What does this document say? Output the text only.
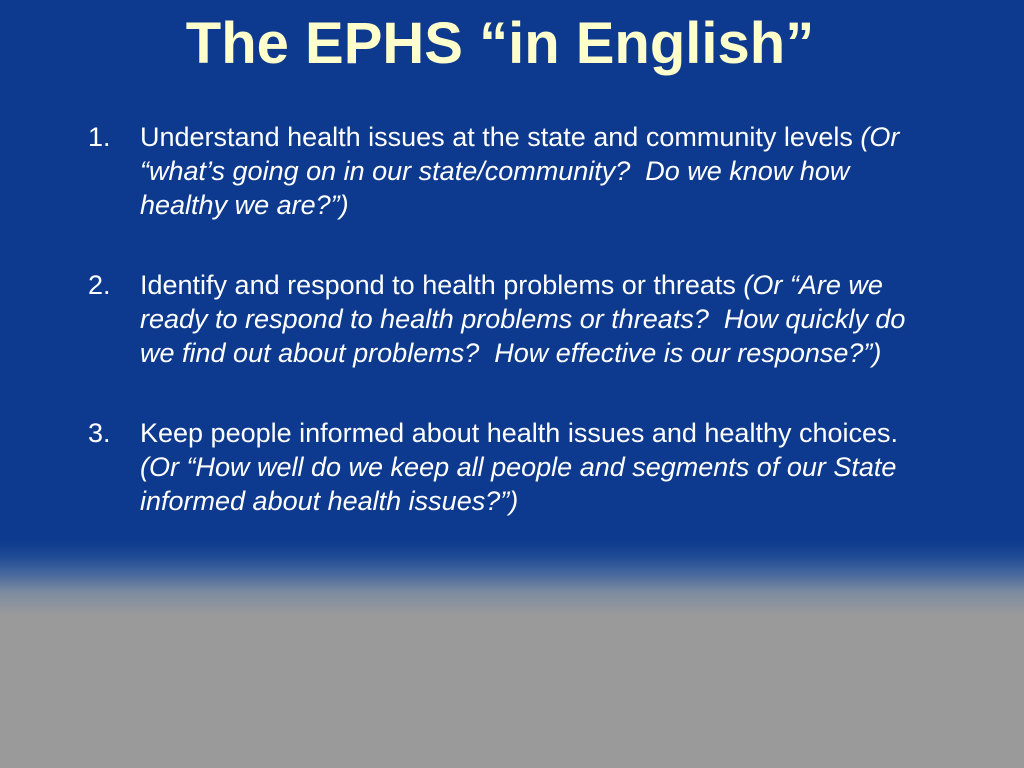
The EPHS “in English”
1. Understand health issues at the state and community levels (Or “what’s going on in our state/community?  Do we know how healthy we are?”)
2. Identify and respond to health problems or threats (Or “Are we ready to respond to health problems or threats?  How quickly do we find out about problems?  How effective is our response?”)
3. Keep people informed about health issues and healthy choices.  (Or “How well do we keep all people and segments of our State informed about health issues?”)
